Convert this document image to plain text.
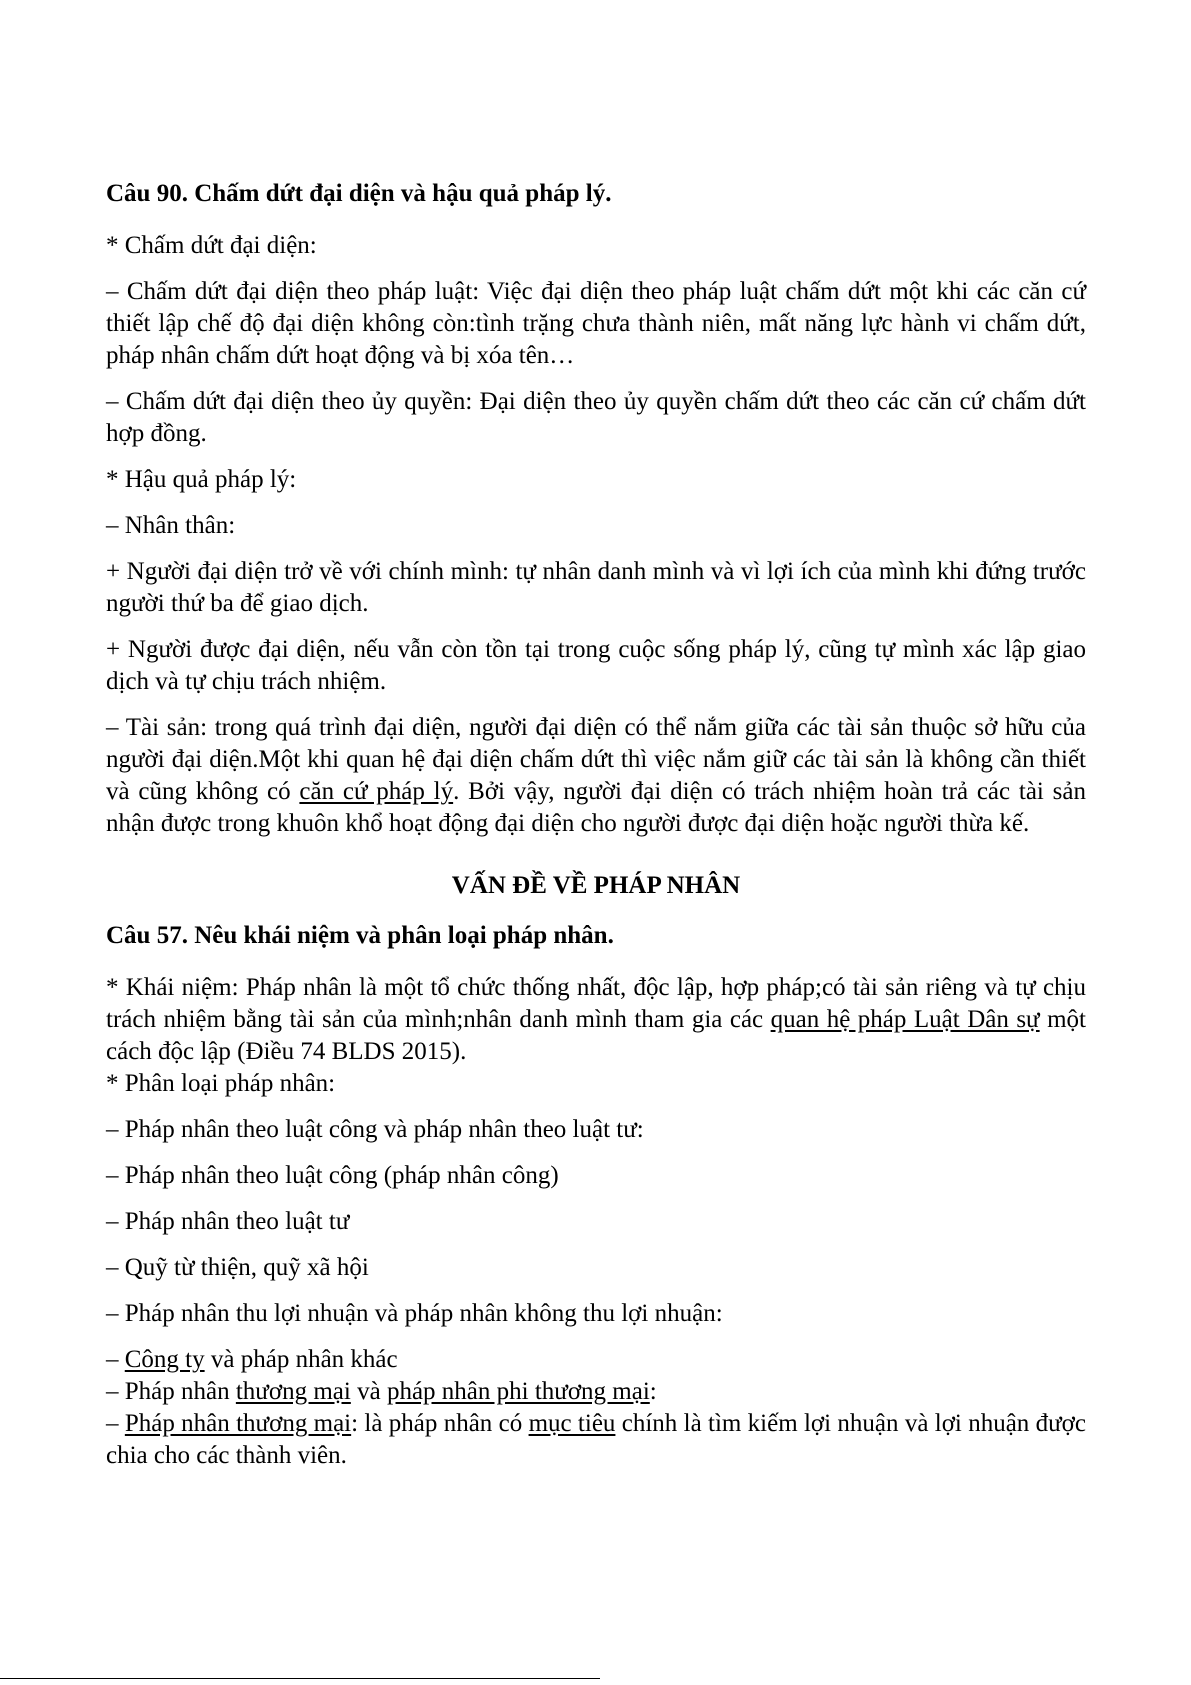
Câu 90. Chấm dứt đại diện và hậu quả pháp lý.

* Chấm dứt đại diện:

– Chấm dứt đại diện theo pháp luật: Việc đại diện theo pháp luật chấm dứt một khi các căn cứ thiết lập chế độ đại diện không còn:tình trặng chưa thành niên, mất năng lực hành vi chấm dứt, pháp nhân chấm dứt hoạt động và bị xóa tên…

– Chấm dứt đại diện theo ủy quyền: Đại diện theo ủy quyền chấm dứt theo các căn cứ chấm dứt hợp đồng.

* Hậu quả pháp lý:

– Nhân thân:

+ Người đại diện trở về với chính mình: tự nhân danh mình và vì lợi ích của mình khi đứng trước người thứ ba để giao dịch.

+ Người được đại diện, nếu vẫn còn tồn tại trong cuộc sống pháp lý, cũng tự mình xác lập giao dịch và tự chịu trách nhiệm.

– Tài sản: trong quá trình đại diện, người đại diện có thể nắm giữa các tài sản thuộc sở hữu của người đại diện.Một khi quan hệ đại diện chấm dứt thì việc nắm giữ các tài sản là không cần thiết và cũng không có căn cứ pháp lý. Bởi vậy, người đại diện có trách nhiệm hoàn trả các tài sản nhận được trong khuôn khổ hoạt động đại diện cho người được đại diện hoặc người thừa kế.

VẤN ĐỀ VỀ PHÁP NHÂN
Câu 57. Nêu khái niệm và phân loại pháp nhân.

* Khái niệm: Pháp nhân là một tổ chức thống nhất, độc lập, hợp pháp;có tài sản riêng và tự chịu trách nhiệm bằng tài sản của mình;nhân danh mình tham gia các quan hệ pháp Luật Dân sự một cách độc lập (Điều 74 BLDS 2015).

* Phân loại pháp nhân:

– Pháp nhân theo luật công và pháp nhân theo luật tư:

– Pháp nhân theo luật công (pháp nhân công)

– Pháp nhân theo luật tư

– Quỹ từ thiện, quỹ xã hội

– Pháp nhân thu lợi nhuận và pháp nhân không thu lợi nhuận:

– Công ty và pháp nhân khác

– Pháp nhân thương mại và pháp nhân phi thương mại:

– Pháp nhân thương mại: là pháp nhân có mục tiêu chính là tìm kiếm lợi nhuận và lợi nhuận được chia cho các thành viên.
